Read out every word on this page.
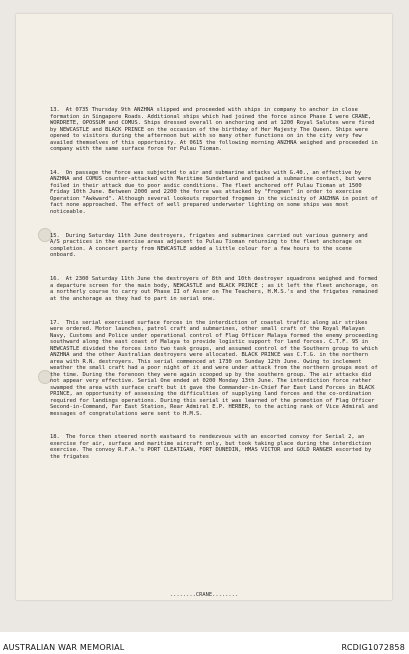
13. At 0735 Thursday 9th ANZHNA slipped and proceeded with ships in company to anchor in close formation in Singapore Roads. Additional ships which had joined the force since Phase I were CRANE, WORDRETE, OPOSSUM and COMUS. Ships dressed overall on anchoring and at 1200 Royal Salutes were fired by NEWCASTLE and BLACK PRINCE on the occasion of the birthday of Her Majesty The Queen. Ships were opened to visitors during the afternoon but with so many other functions on in the city very few availed themselves of this opportunity. At 0615 the following morning ANZHNA weighed and proceeded in company with the same surface force for Pulau Tioman.

14. On passage the force was subjected to air and submarine attacks with G.40., an effective by ANZHNA and COMUS counter-attacked with Maritime Sunderland and gained a submarine contact, but were foiled in their attack due to poor asdic conditions. The fleet anchored off Pulau Tioman at 1500 Friday 10th June. Between 2000 and 2200 the force was attacked by "Frogmen" in order to exercise Operation "Awkward". Although several lookouts reported frogmen in the vicinity of ANZHNA in point of fact none approached. The effect of well prepared underwater lighting on some ships was most noticeable.

15. During Saturday 11th June destroyers, frigates and submarines carried out various gunnery and A/S practices in the exercise areas adjacent to Pulau Tioman returning to the fleet anchorage on completion. A concert party from NEWCASTLE added a little colour for a few hours to the scene onboard.

16. At 2300 Saturday 11th June the destroyers of 8th and 10th destroyer squadrons weighed and formed a departure screen for the main body, NEWCASTLE and BLACK PRINCE ; as it left the fleet anchorage, on a northerly course to carry out Phase II of Asser on The Teachers, H.M.S.'s and the frigates remained at the anchorage as they had to part in serial one.

17. This serial exercised surface forces in the interdiction of coastal traffic along air strikes were ordered. Motor launches, patrol craft and submarines, other small craft of the Royal Malayan Navy, Customs and Police under operational control of Flag Officer Malaya formed the enemy proceeding southward along the east coast of Malaya to provide logistic support for land forces. C.T.F. 95 in NEWCASTLE divided the forces into two task groups, and assumed control of the Southern group to which ANZHNA and the other Australian destroyers were allocated. BLACK PRINCE was C.T.G. in the northern area with R.N. destroyers. This serial commenced at 1730 on Sunday 12th June. Owing to inclement weather the small craft had a poor night of it and were under attack from the northern groups most of the time. During the forenoon they were again scooped up by the southern group. The air attacks did not appear very effective. Serial One ended at 0200 Monday 13th June. The interdiction force rather swamped the area with surface craft but it gave the Commander-in-Chief Far East Land Forces in BLACK PRINCE, an opportunity of assessing the difficulties of supplying land forces and the co-ordination required for landings operations. During this serial it was learned of the promotion of Flag Officer Second-in-Command, Far East Station, Rear Admiral E.P. HERBER, to the acting rank of Vice Admiral and messages of congratulations were sent to H.M.S.

18. The force then steered north eastward to rendezvous with an escorted convoy for Serial 2, an exercise for air, surface and maritime aircraft only, but took taking place during the interdiction exercise. The convoy R.F.A.'s PORT CLEATIGAN, FORT DUNEDIN, HMAS VICTOR and GOLD RANGER escorted by the frigates

........CRANE........
AUSTRALIAN WAR MEMORIAL	RCDIG1072858
